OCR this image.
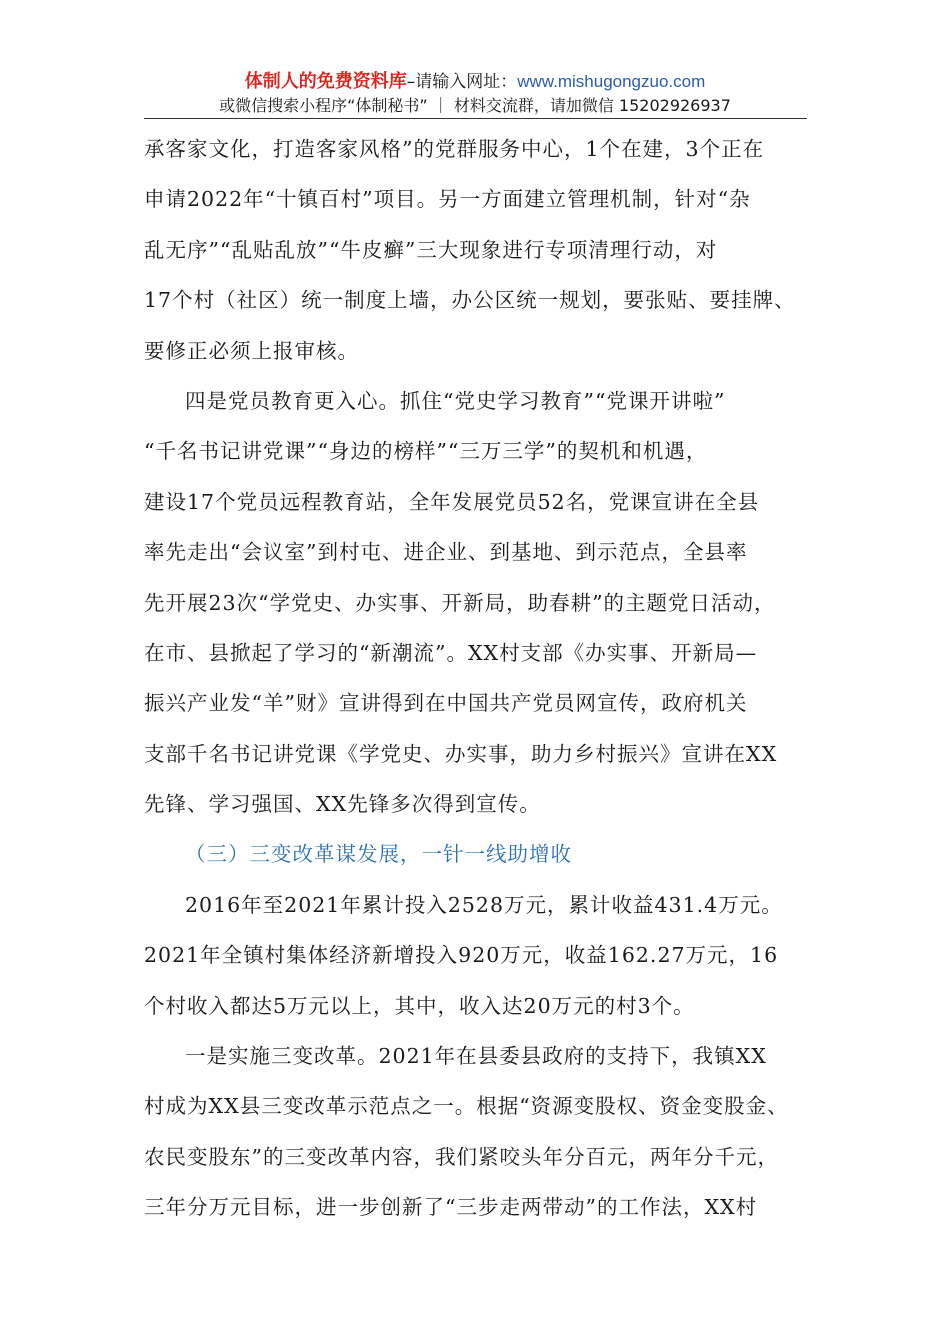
体制人的免费资料库–请输入网址：www.mishugongzuo.com
或微信搜索小程序“体制秘书” ｜ 材料交流群，请加微信 15202926937

承客家文化，打造客家风格”的党群服务中心，1个在建，3个正在

申请2022年“十镇百村”项目。另一方面建立管理机制，针对“杂

乱无序”“乱贴乱放”“牛皮癣”三大现象进行专项清理行动，对

17个村（社区）统一制度上墙，办公区统一规划，要张贴、要挂牌、

要修正必须上报审核。

四是党员教育更入心。抓住“党史学习教育”“党课开讲啦”

“千名书记讲党课”“身边的榜样”“三万三学”的契机和机遇，

建设17个党员远程教育站，全年发展党员52名，党课宣讲在全县

率先走出“会议室”到村屯、进企业、到基地、到示范点，全县率

先开展23次“学党史、办实事、开新局，助春耕”的主题党日活动，

在市、县掀起了学习的“新潮流”。XX村支部《办实事、开新局—

振兴产业发“羊”财》宣讲得到在中国共产党员网宣传，政府机关

支部千名书记讲党课《学党史、办实事，助力乡村振兴》宣讲在XX

先锋、学习强国、XX先锋多次得到宣传。

（三）三变改革谋发展，一针一线助增收

2016年至2021年累计投入2528万元，累计收益431.4万元。

2021年全镇村集体经济新增投入920万元，收益162.27万元，16

个村收入都达5万元以上，其中，收入达20万元的村3个。

一是实施三变改革。2021年在县委县政府的支持下，我镇XX

村成为XX县三变改革示范点之一。根据“资源变股权、资金变股金、

农民变股东”的三变改革内容，我们紧咬头年分百元，两年分千元，

三年分万元目标，进一步创新了“三步走两带动”的工作法，XX村
